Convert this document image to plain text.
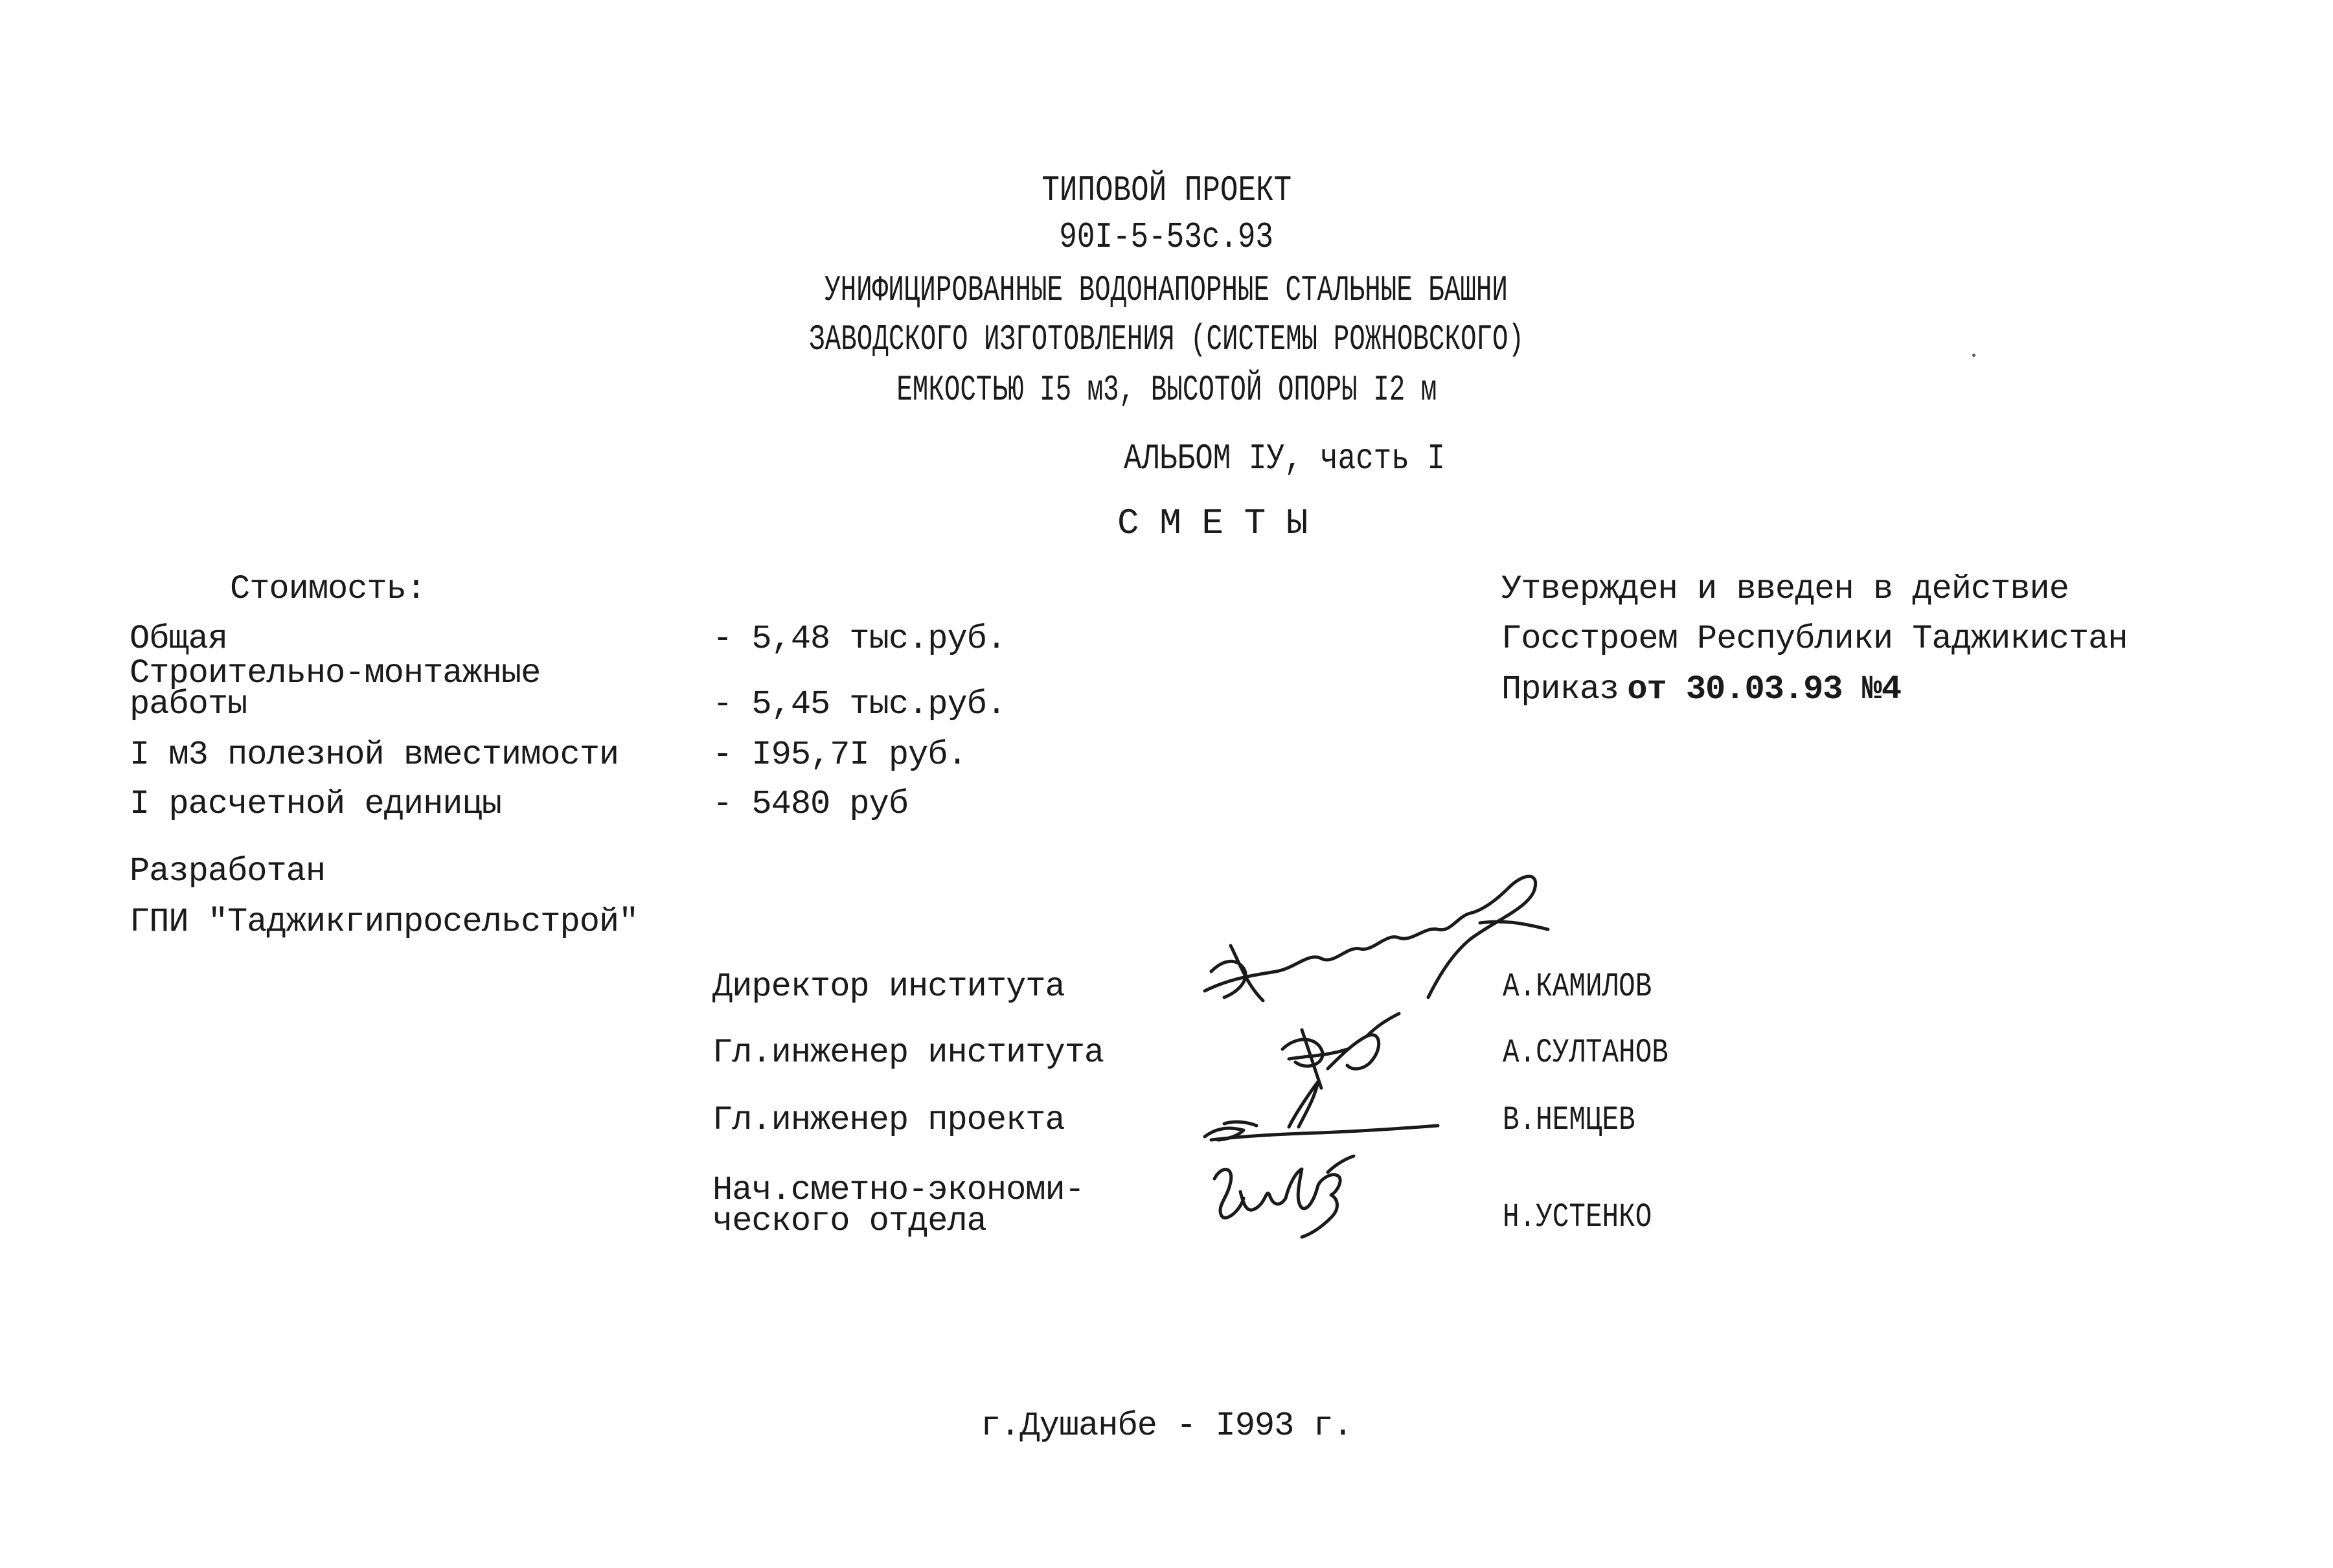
ТИПОВОЙ ПРОЕКТ
90I-5-53с.93
УНИФИЦИРОВАННЫЕ ВОДОНАПОРНЫЕ СТАЛЬНЫЕ БАШНИ
ЗАВОДСКОГО ИЗГОТОВЛЕНИЯ (СИСТЕМЫ РОЖНОВСКОГО)
ЕМКОСТЬЮ I5 м3, ВЫСОТОЙ ОПОРЫ I2 м
АЛЬБОМ IУ, часть I
С М Е Т Ы
Стоимость:
Общая	- 5,48 тыс.руб.
Строительно-монтажные
работы	- 5,45 тыс.руб.
I м3 полезной вместимости	- I95,7I руб.
I расчетной единицы	- 5480 руб
Утвержден и введен в действие
Госстроем Республики Таджикистан
Приказ от 30.03.93 №4
Разработан
ГПИ "Таджикгипросельстрой"
Директор института	А.КАМИЛОВ
Гл.инженер института	А.СУЛТАНОВ
Гл.инженер проекта	В.НЕМЦЕВ
Нач.сметно-экономи-
ческого отдела	Н.УСТЕНКО
г.Душанбе - I993 г.
